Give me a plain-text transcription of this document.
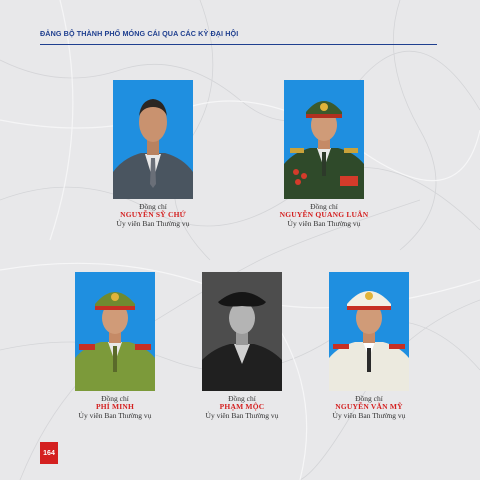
ĐẢNG BỘ THÀNH PHỐ MÓNG CÁI QUA CÁC KỲ ĐẠI HỘI
Đồng chí
NGUYỄN SỸ CHỨ
Ủy viên Ban Thường vụ
Đồng chí
NGUYỄN QUANG LUÂN
Ủy viên Ban Thường vụ
Đồng chí
PHÍ MINH
Ủy viên Ban Thường vụ
Đồng chí
PHẠM MỘC
Ủy viên Ban Thường vụ
Đồng chí
NGUYỄN VĂN MỸ
Ủy viên Ban Thường vụ
164
